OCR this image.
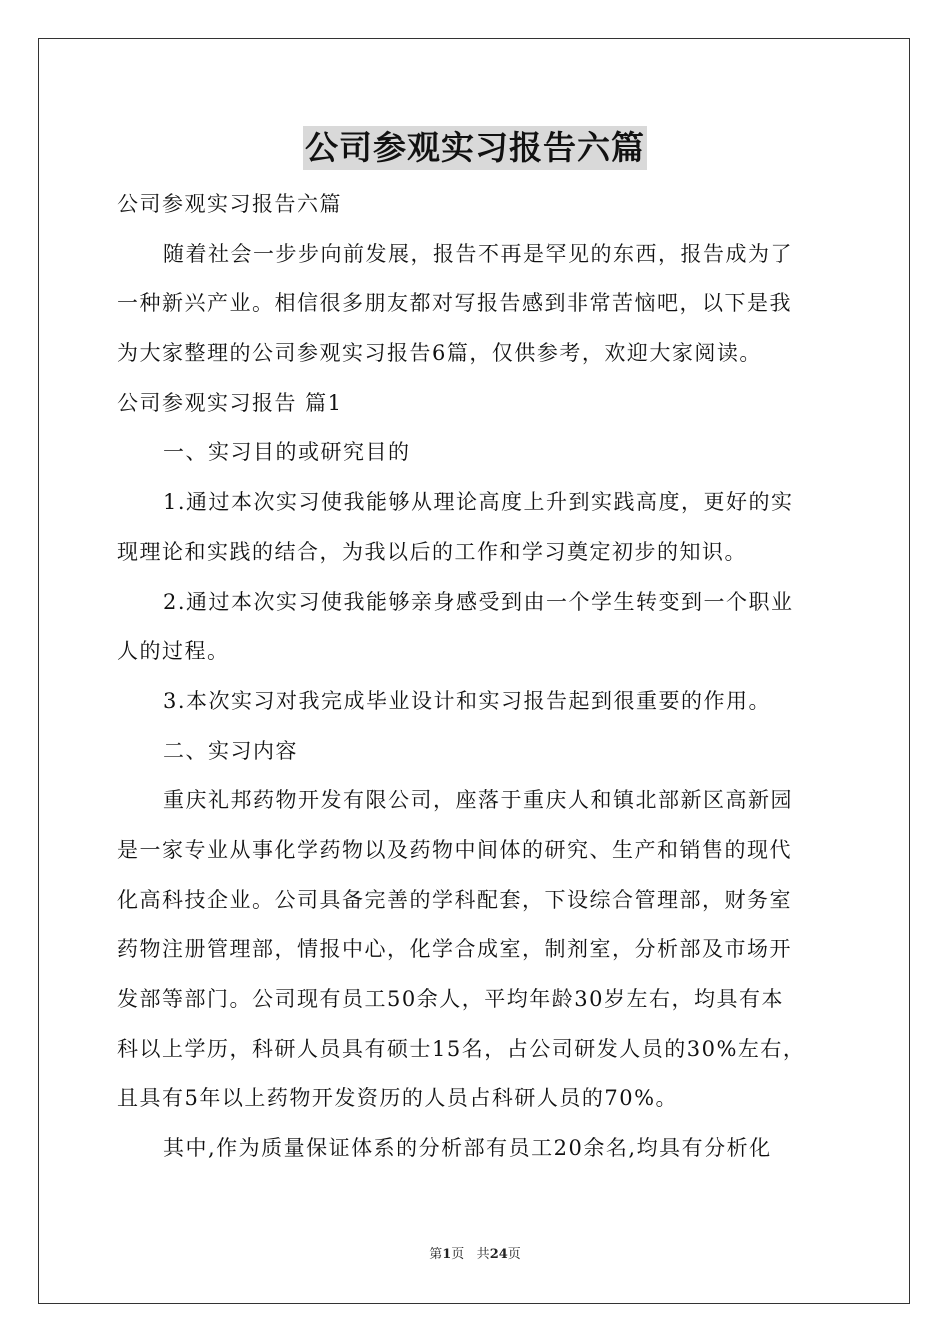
公司参观实习报告六篇
公司参观实习报告六篇
随着社会一步步向前发展，报告不再是罕见的东西，报告成为了
一种新兴产业。相信很多朋友都对写报告感到非常苦恼吧，以下是我
为大家整理的公司参观实习报告6篇，仅供参考，欢迎大家阅读。
公司参观实习报告 篇1
一、实习目的或研究目的
1.通过本次实习使我能够从理论高度上升到实践高度，更好的实
现理论和实践的结合，为我以后的工作和学习奠定初步的知识。
2.通过本次实习使我能够亲身感受到由一个学生转变到一个职业
人的过程。
3.本次实习对我完成毕业设计和实习报告起到很重要的作用。
二、实习内容
重庆礼邦药物开发有限公司，座落于重庆人和镇北部新区高新园
是一家专业从事化学药物以及药物中间体的研究、生产和销售的现代
化高科技企业。公司具备完善的学科配套，下设综合管理部，财务室
药物注册管理部，情报中心，化学合成室，制剂室，分析部及市场开
发部等部门。公司现有员工50余人，平均年龄30岁左右，均具有本
科以上学历，科研人员具有硕士15名，占公司研发人员的30%左右，
且具有5年以上药物开发资历的人员占科研人员的70%。
其中,作为质量保证体系的分析部有员工20余名,均具有分析化
第1页 共24页
